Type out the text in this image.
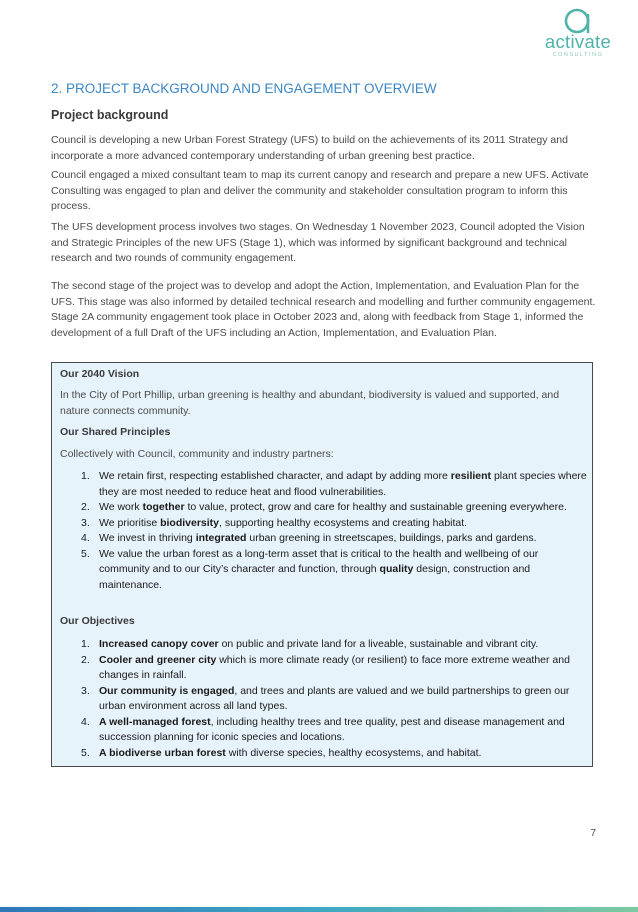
activate
CONSULTING
2. PROJECT BACKGROUND AND ENGAGEMENT OVERVIEW
Project background

Council is developing a new Urban Forest Strategy (UFS) to build on the achievements of its 2011 Strategy and incorporate a more advanced contemporary understanding of urban greening best practice.

Council engaged a mixed consultant team to map its current canopy and research and prepare a new UFS. Activate Consulting was engaged to plan and deliver the community and stakeholder consultation program to inform this process.

The UFS development process involves two stages. On Wednesday 1 November 2023, Council adopted the Vision and Strategic Principles of the new UFS (Stage 1), which was informed by significant background and technical research and two rounds of community engagement.

The second stage of the project was to develop and adopt the Action, Implementation, and Evaluation Plan for the UFS. This stage was also informed by detailed technical research and modelling and further community engagement. Stage 2A community engagement took place in October 2023 and, along with feedback from Stage 1, informed the development of a full Draft of the UFS including an Action, Implementation, and Evaluation Plan.

Our 2040 Vision

In the City of Port Phillip, urban greening is healthy and abundant, biodiversity is valued and supported, and nature connects community.

Our Shared Principles

Collectively with Council, community and industry partners:

1. We retain first, respecting established character, and adapt by adding more resilient plant species where they are most needed to reduce heat and flood vulnerabilities.
2. We work together to value, protect, grow and care for healthy and sustainable greening everywhere.
3. We prioritise biodiversity, supporting healthy ecosystems and creating habitat.
4. We invest in thriving integrated urban greening in streetscapes, buildings, parks and gardens.
5. We value the urban forest as a long-term asset that is critical to the health and wellbeing of our community and to our City’s character and function, through quality design, construction and maintenance.
Our Objectives
1. Increased canopy cover on public and private land for a liveable, sustainable and vibrant city.
2. Cooler and greener city which is more climate ready (or resilient) to face more extreme weather and changes in rainfall.
3. Our community is engaged, and trees and plants are valued and we build partnerships to green our urban environment across all land types.
4. A well-managed forest, including healthy trees and tree quality, pest and disease management and succession planning for iconic species and locations.
5. A biodiverse urban forest with diverse species, healthy ecosystems, and habitat.
7
